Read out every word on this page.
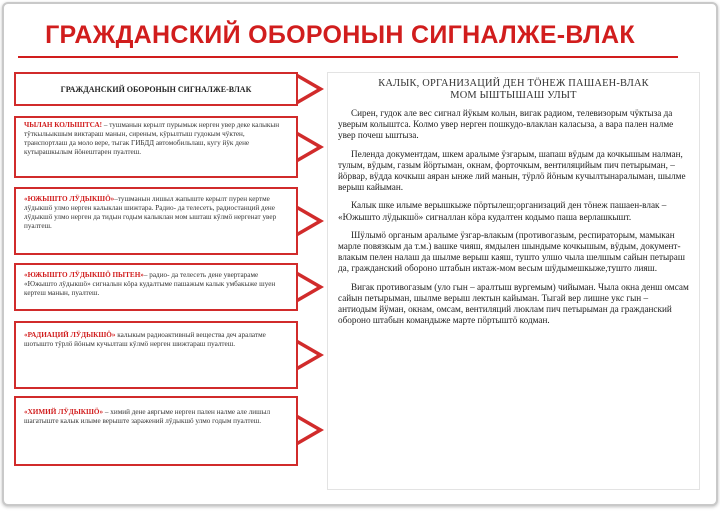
ГРАЖДАНСКИЙ ОБОРОНЫН СИГНАЛЖЕ-ВЛАК
ГРАЖДАНСКИЙ ОБОРОНЫН СИГНАЛЖЕ-ВЛАК
ЧЫЛАН КОЛЫШТСА! – тушманын керылт пурымыж нерген увер деке калыкын тӱткыльыкшым виктараш манын, сиреным, кӱрылтыш гудокым чӱктен, транспортлаш да моло вере, тыгак ГИБДД автомобильлаш, кугу йӱк дене кутырашкылым йӧнештарен пуалтеш.
«ЮЖЫШТО ЛӰДЫКШӦ»–тушманын лишыл жапыште керылт пурен кертме лӱдыкшӧ улмо нерген калыклан шижтара. Радио- да телесеть, радиостанций дене лӱдыкшӧ улмо нерген да тидын годым калыклан мом ышташ кӱлмӧ нергенат увер пуалтеш.
«ЮЖЫШТО ЛӰДЫКШӦ ПЫТЕН»– радио- да телесеть дене увертараме «Южышто лӱдыкшӧ» сигналын кӧра кудалтыме пашажым калык умбакыже шуен кертеш манын, пуалтеш.
«РАДИАЦИЙ ЛӰДЫКШӦ» калыкым радиоактивный вещества деч аралатме шотышто тӱрлӧ йӧным кучылташ кӱлмӧ нерген шижтараш пуалтеш.
«ХИМИЙ ЛӰДЫКШӦ» – химий дене аяргыме нерген пален налме але лишыл шагатыште калык илыме верыште заражений лӱдыкшӧ улмо годым пуалтеш.
КАЛЫК, ОРГАНИЗАЦИЙ ДЕН ТӦНЕЖ ПАШАЕН-ВЛАК
МОМ ЫШТЫШАШ УЛЫТ

Сирен, гудок але вес сигнал йӱкым колын, вигак радиом, телевизорым чӱктыза да уверым колыштса. Колмо увер нерген пошкудо-влаклан каласыза, а вара пален налме увер почеш ыштыза.

Пеленда документдам, шкем аралыме ӱзгарым, шапаш вӱдым да кочкышым налман, тулым, вӱдым, газым йӧртыман, окнам, форточкым, вентиляцийым пич петырыман, – йӧрвар, вӱдда кочкыш аяран ынже лий манын, тӱрлӧ йӧным кучылтынаралыман, шылме верыш кайыман.

Калык шке илыме верышкыже пӧртылеш;организаций ден тӧнеж пашаен-влак – «Южышто лӱдыкшӧ» сигналлан кӧра кудалтен кодымо паша верлашкышт.

Шӱлымӧ органым аралыме ӱзгар-влакым (противогазым, респираторым, мамыкан марле повязкым да т.м.) вашке чияш, ямдылен шындыме кочкышым, вӱдым, документ-влакым пелен налаш да шылме верыш каяш, тушто улшо чыла шелшым сайын петыраш да, гражданский обороно штабын иктаж-мом весым шӱдымешкыже,тушто лияш.

Вигак противогазым (уло гын – аралтыш вургемым) чийыман. Чыла окна денш омсам сайын петырыман, шылме верыш лектын кайыман. Тыгай вер лишне укс гын – антиодым йӱман, окнам, омсам, вентиляций люклам пич петырыман да гражданский обороно штабын командыже марте пӧртыштӧ кодман.
